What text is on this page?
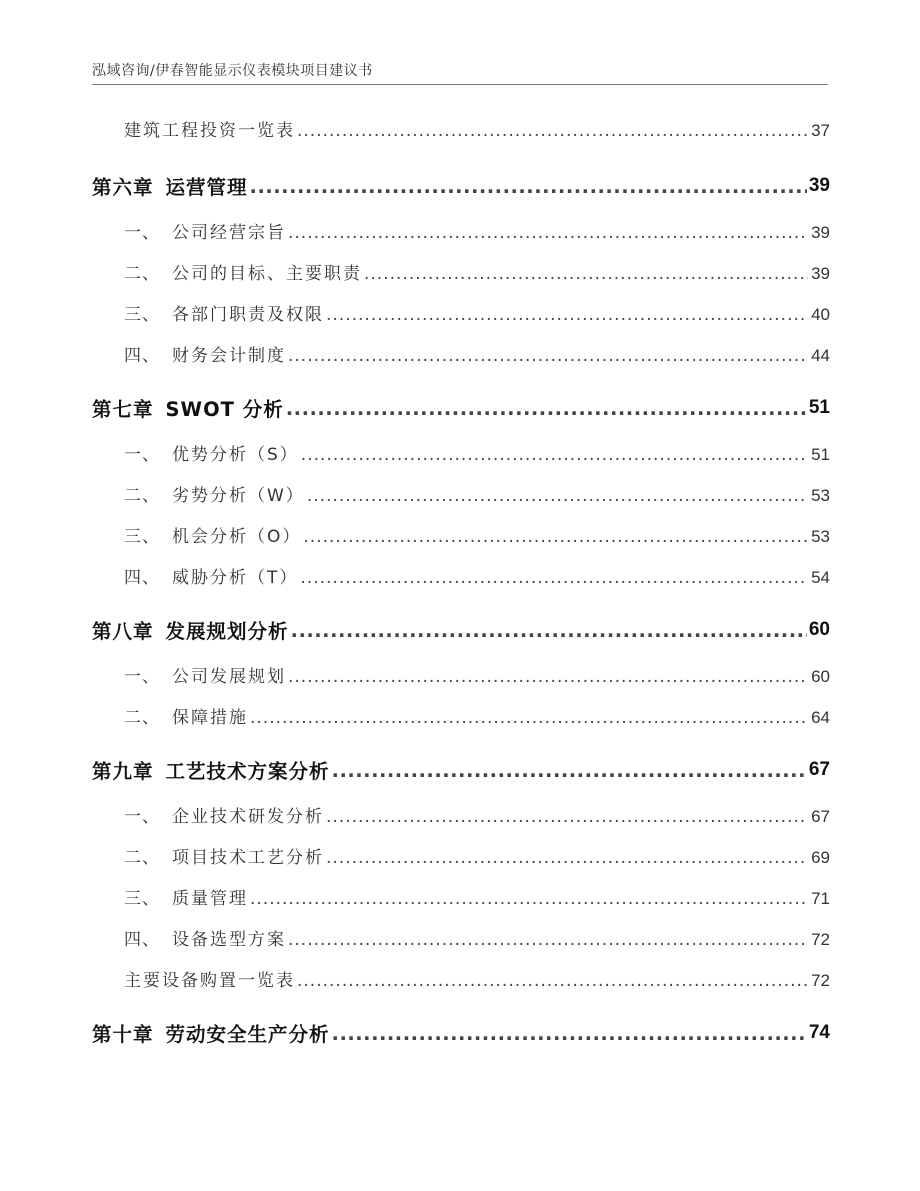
泓域咨询/伊春智能显示仪表模块项目建议书
建筑工程投资一览表 .....	37
第六章 运营管理 .....	39
一、 公司经营宗旨 .....	39
二、 公司的目标、主要职责 .....	39
三、 各部门职责及权限 .....	40
四、 财务会计制度 .....	44
第七章 SWOT 分析 .....	51
一、 优势分析（S） .....	51
二、 劣势分析（W） .....	53
三、 机会分析（O） .....	53
四、 威胁分析（T） .....	54
第八章 发展规划分析 .....	60
一、 公司发展规划 .....	60
二、 保障措施 .....	64
第九章 工艺技术方案分析 .....	67
一、 企业技术研发分析 .....	67
二、 项目技术工艺分析 .....	69
三、 质量管理 .....	71
四、 设备选型方案 .....	72
主要设备购置一览表 .....	72
第十章 劳动安全生产分析 .....	74
